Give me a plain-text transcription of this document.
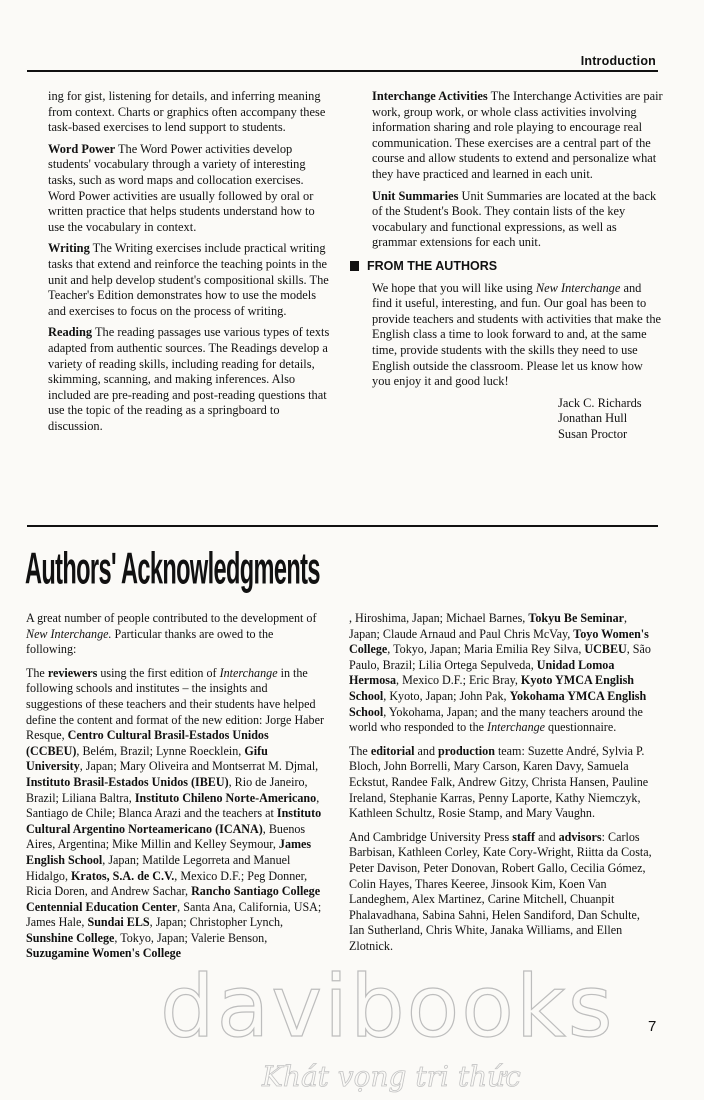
Introduction

ing for gist, listening for details, and inferring meaning from context. Charts or graphics often accompany these task-based exercises to lend support to students.

Word Power The Word Power activities develop students' vocabulary through a variety of interesting tasks, such as word maps and collocation exercises. Word Power activities are usually followed by oral or written practice that helps students understand how to use the vocabulary in context.

Writing The Writing exercises include practical writing tasks that extend and reinforce the teaching points in the unit and help develop student's compositional skills. The Teacher's Edition demonstrates how to use the models and exercises to focus on the process of writing.

Reading The reading passages use various types of texts adapted from authentic sources. The Readings develop a variety of reading skills, including reading for details, skimming, scanning, and making inferences. Also included are pre-reading and post-reading questions that use the topic of the reading as a springboard to discussion.

Interchange Activities The Interchange Activities are pair work, group work, or whole class activities involving information sharing and role playing to encourage real communication. These exercises are a central part of the course and allow students to extend and personalize what they have practiced and learned in each unit.

Unit Summaries Unit Summaries are located at the back of the Student's Book. They contain lists of the key vocabulary and functional expressions, as well as grammar extensions for each unit.

FROM THE AUTHORS

We hope that you will like using New Interchange and find it useful, interesting, and fun. Our goal has been to provide teachers and students with activities that make the English class a time to look forward to and, at the same time, provide students with the skills they need to use English outside the classroom. Please let us know how you enjoy it and good luck!

Jack C. Richards
Jonathan Hull
Susan Proctor
Authors' Acknowledgments

A great number of people contributed to the development of New Interchange. Particular thanks are owed to the following:

The reviewers using the first edition of Interchange in the following schools and institutes – the insights and suggestions of these teachers and their students have helped define the content and format of the new edition: Jorge Haber Resque, Centro Cultural Brasil-Estados Unidos (CCBEU), Belém, Brazil; Lynne Roecklein, Gifu University, Japan; Mary Oliveira and Montserrat M. Djmal, Instituto Brasil-Estados Unidos (IBEU), Rio de Janeiro, Brazil; Liliana Baltra, Instituto Chileno Norte-Americano, Santiago de Chile; Blanca Arazi and the teachers at Instituto Cultural Argentino Norteamericano (ICANA), Buenos Aires, Argentina; Mike Millin and Kelley Seymour, James English School, Japan; Matilde Legorreta and Manuel Hidalgo, Kratos, S.A. de C.V., Mexico D.F.; Peg Donner, Ricia Doren, and Andrew Sachar, Rancho Santiago College Centennial Education Center, Santa Ana, California, USA; James Hale, Sundai ELS, Japan; Christopher Lynch, Sunshine College, Tokyo, Japan; Valerie Benson, Suzugamine Women's College

, Hiroshima, Japan; Michael Barnes, Tokyu Be Seminar, Japan; Claude Arnaud and Paul Chris McVay, Toyo Women's College, Tokyo, Japan; Maria Emilia Rey Silva, UCBEU, São Paulo, Brazil; Lilia Ortega Sepulveda, Unidad Lomoa Hermosa, Mexico D.F.; Eric Bray, Kyoto YMCA English School, Kyoto, Japan; John Pak, Yokohama YMCA English School, Yokohama, Japan; and the many teachers around the world who responded to the Interchange questionnaire.

The editorial and production team: Suzette André, Sylvia P. Bloch, John Borrelli, Mary Carson, Karen Davy, Samuela Eckstut, Randee Falk, Andrew Gitzy, Christa Hansen, Pauline Ireland, Stephanie Karras, Penny Laporte, Kathy Niemczyk, Kathleen Schultz, Rosie Stamp, and Mary Vaughn.

And Cambridge University Press staff and advisors: Carlos Barbisan, Kathleen Corley, Kate Cory-Wright, Riitta da Costa, Peter Davison, Peter Donovan, Robert Gallo, Cecilia Gómez, Colin Hayes, Thares Keeree, Jinsook Kim, Koen Van Landeghem, Alex Martinez, Carine Mitchell, Chuanpit Phalavadhana, Sabina Sahni, Helen Sandiford, Dan Schulte, Ian Sutherland, Chris White, Janaka Williams, and Ellen Zlotnick.

davibooks
Khát vọng tri thức
7
